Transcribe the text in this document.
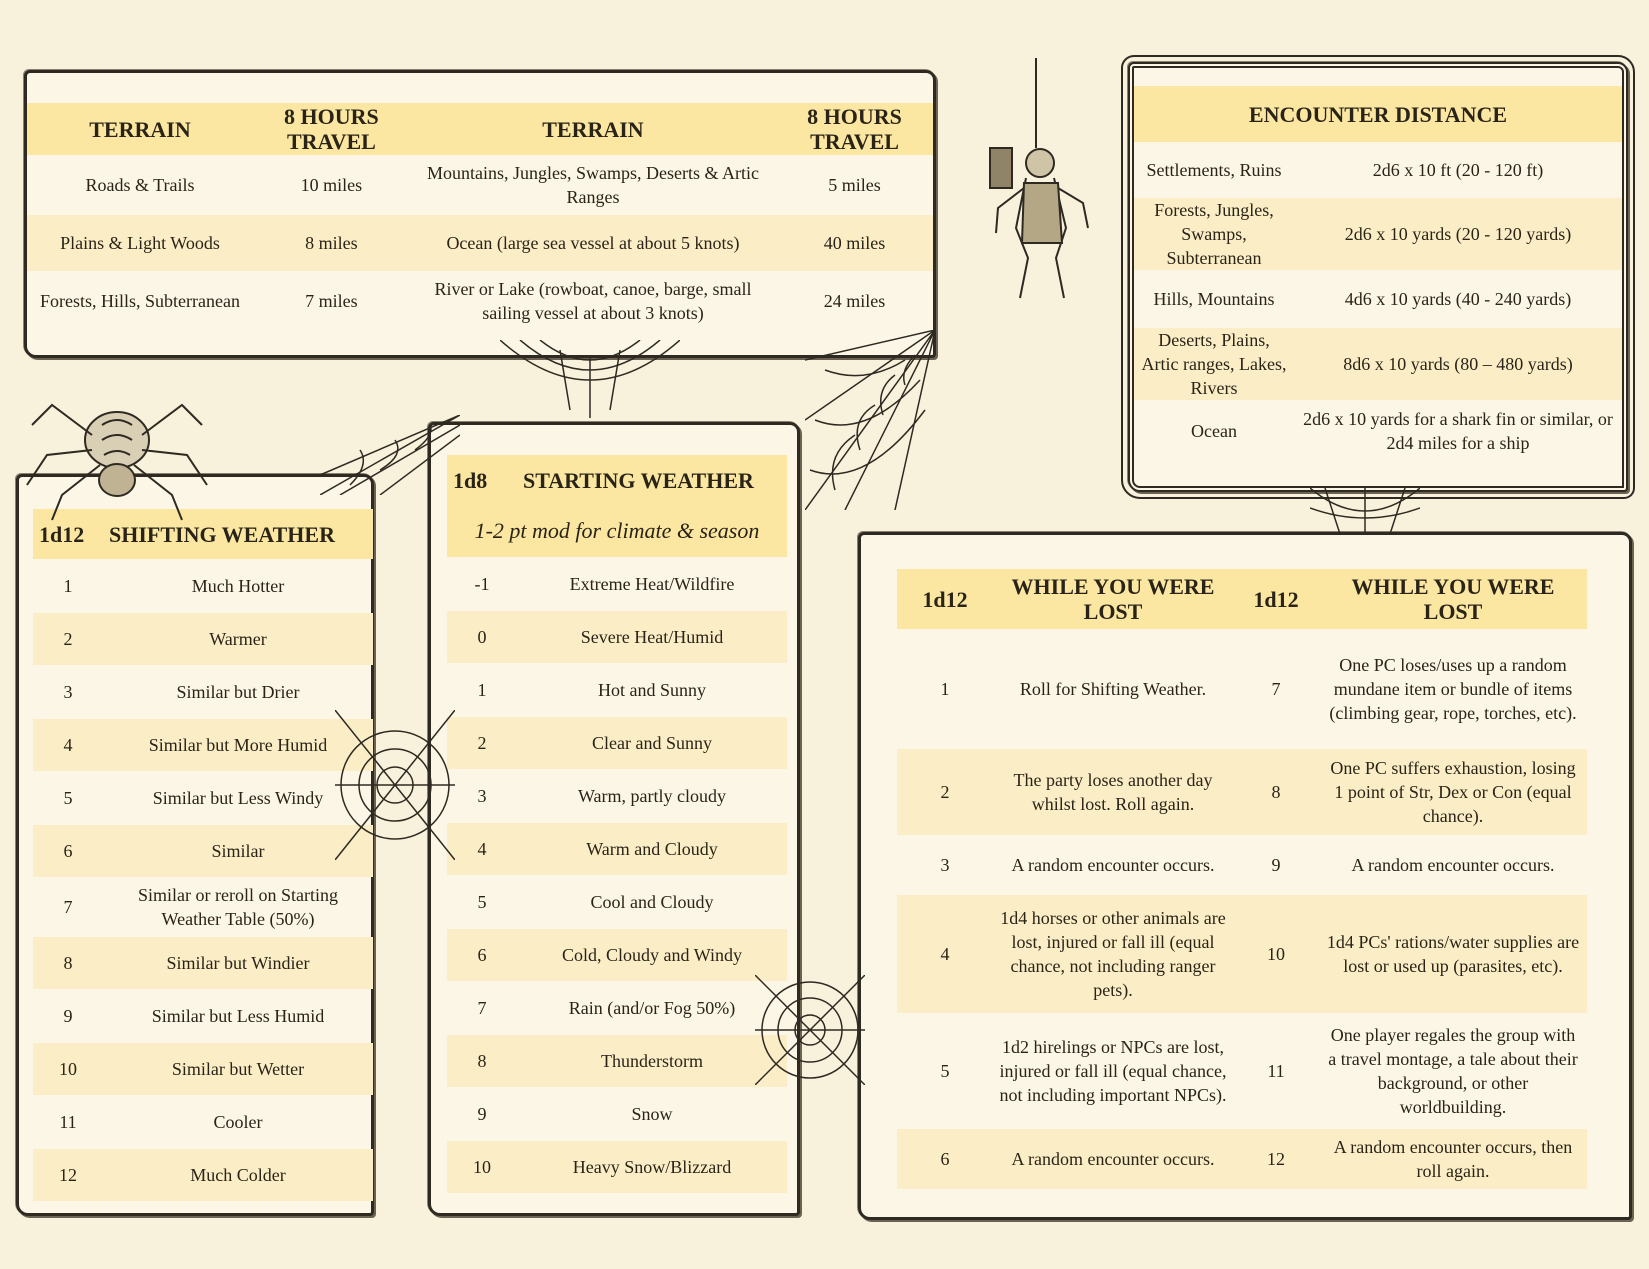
TERRAIN	8 HOURS TRAVEL	TERRAIN	8 HOURS TRAVEL
Roads & Trails	10 miles	Mountains, Jungles, Swamps, Deserts & Artic Ranges	5 miles
Plains & Light Woods	8 miles	Ocean (large sea vessel at about 5 knots)	40 miles
Forests, Hills, Subterranean	7 miles	River or Lake (rowboat, canoe, barge, small sailing vessel at about 3 knots)	24 miles
ENCOUNTER DISTANCE	
Settlements, Ruins	2d6 x 10 ft (20 - 120 ft)
Forests, Jungles, Swamps, Subterranean	2d6 x 10 yards (20 - 120 yards)
Hills, Mountains	4d6 x 10 yards (40 - 240 yards)
Deserts, Plains, Artic ranges, Lakes, Rivers	8d6 x 10 yards (80 – 480 yards)
Ocean	2d6 x 10 yards for a shark fin or similar, or 2d4 miles for a ship
1d12	SHIFTING WEATHER
1	Much Hotter
2	Warmer
3	Similar but Drier
4	Similar but More Humid
5	Similar but Less Windy
6	Similar
7	Similar or reroll on Starting Weather Table (50%)
8	Similar but Windier
9	Similar but Less Humid
10	Similar but Wetter
11	Cooler
12	Much Colder
1d8	STARTING WEATHER
1-2 pt mod for climate & season	
-1	Extreme Heat/Wildfire
0	Severe Heat/Humid
1	Hot and Sunny
2	Clear and Sunny
3	Warm, partly cloudy
4	Warm and Cloudy
5	Cool and Cloudy
6	Cold, Cloudy and Windy
7	Rain (and/or Fog 50%)
8	Thunderstorm
9	Snow
10	Heavy Snow/Blizzard
1d12	WHILE YOU WERE LOST	1d12	WHILE YOU WERE LOST
1	Roll for Shifting Weather.	7	One PC loses/uses up a random mundane item or bundle of items (climbing gear, rope, torches, etc).
2	The party loses another day whilst lost. Roll again.	8	One PC suffers exhaustion, losing 1 point of Str, Dex or Con (equal chance).
3	A random encounter occurs.	9	A random encounter occurs.
4	1d4 horses or other animals are lost, injured or fall ill (equal chance, not including ranger pets).	10	1d4 PCs' rations/water supplies are lost or used up (parasites, etc).
5	1d2 hirelings or NPCs are lost, injured or fall ill (equal chance, not including important NPCs).	11	One player regales the group with a travel montage, a tale about their background, or other worldbuilding.
6	A random encounter occurs.	12	A random encounter occurs, then roll again.
